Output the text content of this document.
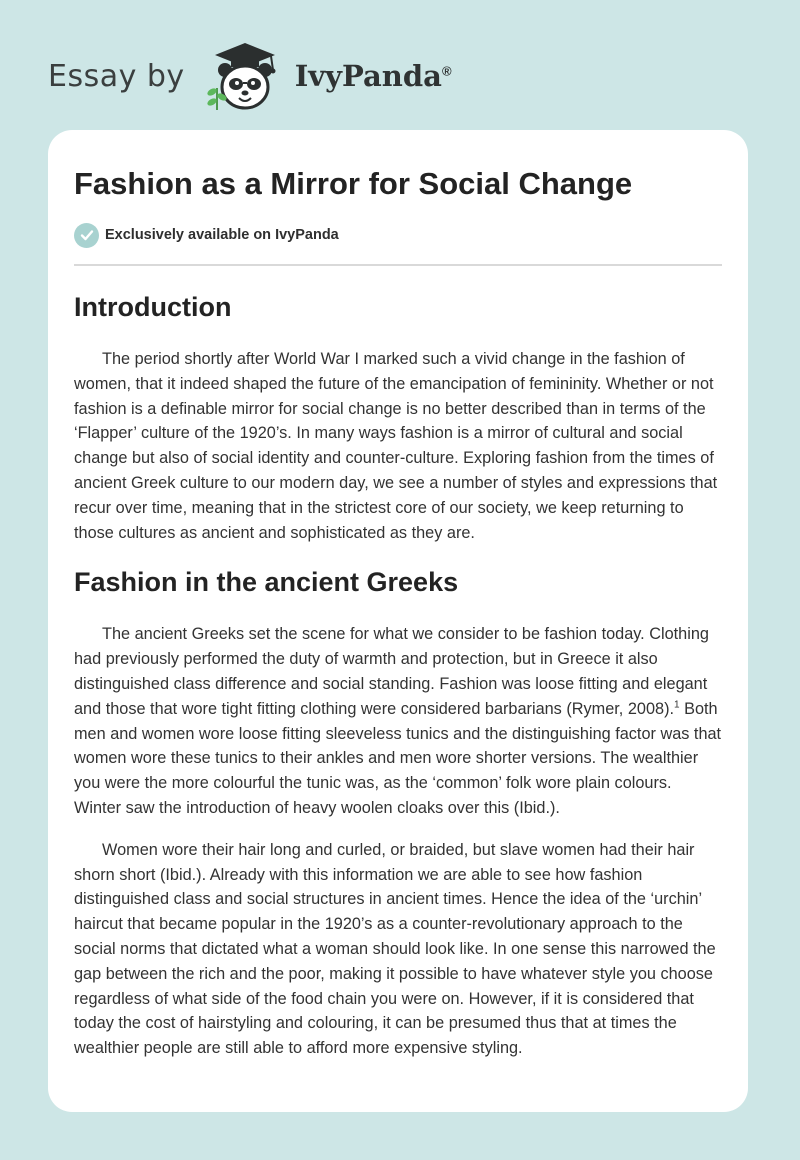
Essay by	IvyPanda®
Fashion as a Mirror for Social Change
Exclusively available on IvyPanda
Introduction

The period shortly after World War I marked such a vivid change in the fashion of women, that it indeed shaped the future of the emancipation of femininity. Whether or not fashion is a definable mirror for social change is no better described than in terms of the ‘Flapper’ culture of the 1920’s. In many ways fashion is a mirror of cultural and social change but also of social identity and counter-culture. Exploring fashion from the times of ancient Greek culture to our modern day, we see a number of styles and expressions that recur over time, meaning that in the strictest core of our society, we keep returning to those cultures as ancient and sophisticated as they are.

Fashion in the ancient Greeks

The ancient Greeks set the scene for what we consider to be fashion today. Clothing had previously performed the duty of warmth and protection, but in Greece it also distinguished class difference and social standing. Fashion was loose fitting and elegant and those that wore tight fitting clothing were considered barbarians (Rymer, 2008).$^1$ Both men and women wore loose fitting sleeveless tunics and the distinguishing factor was that women wore these tunics to their ankles and men wore shorter versions. The wealthier you were the more colourful the tunic was, as the ‘common’ folk wore plain colours. Winter saw the introduction of heavy woolen cloaks over this (Ibid.).

Women wore their hair long and curled, or braided, but slave women had their hair shorn short (Ibid.). Already with this information we are able to see how fashion distinguished class and social structures in ancient times. Hence the idea of the ‘urchin’ haircut that became popular in the 1920’s as a counter-revolutionary approach to the social norms that dictated what a woman should look like. In one sense this narrowed the gap between the rich and the poor, making it possible to have whatever style you choose regardless of what side of the food chain you were on. However, if it is considered that today the cost of hairstyling and colouring, it can be presumed thus that at times the wealthier people are still able to afford more expensive styling.
